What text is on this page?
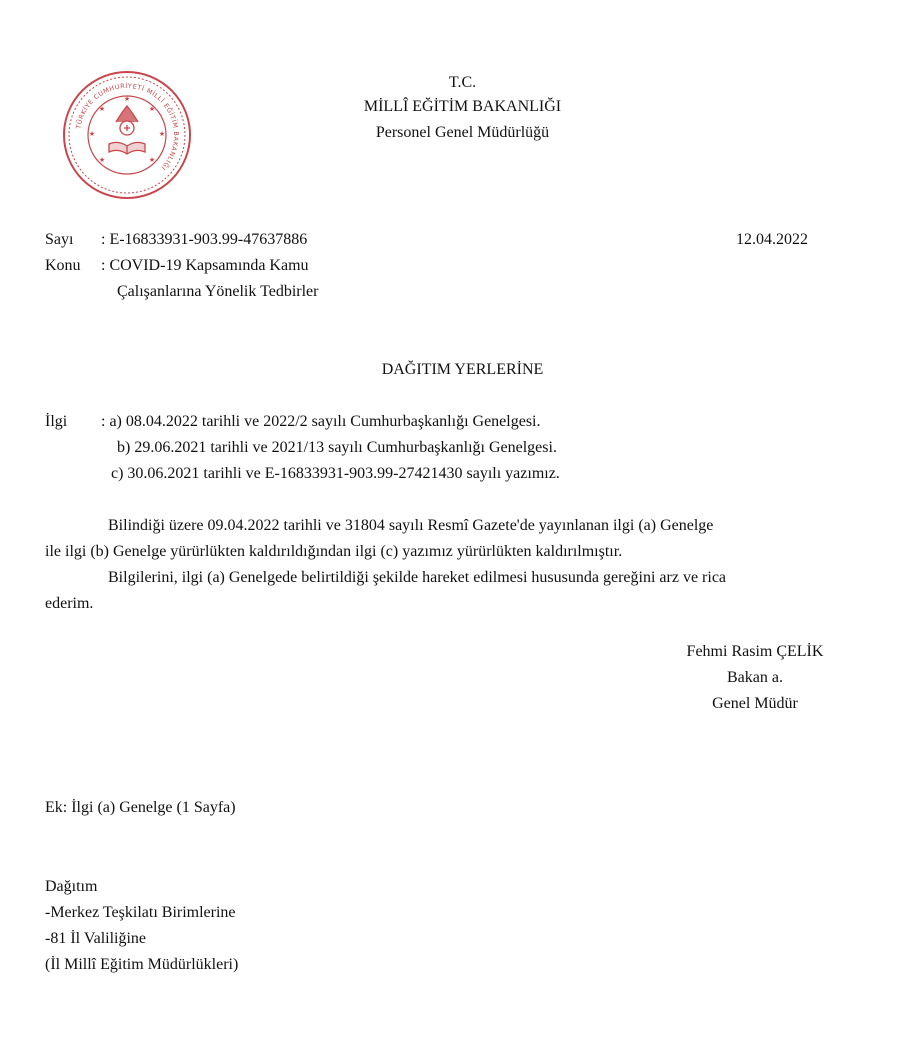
TÜRKİYE CUMHURİYETİ MİLLÎ EĞİTİM BAKANLIĞI
★
★
★
★
★
★
★
T.C.
MİLLÎ EĞİTİM BAKANLIĞI
Personel Genel Müdürlüğü
Sayı : E-16833931-903.99-47637886	12.04.2022
Konu : COVID-19 Kapsamında Kamu
Çalışanlarına Yönelik Tedbirler
DAĞITIM YERLERİNE
İlgi : a) 08.04.2022 tarihli ve 2022/2 sayılı Cumhurbaşkanlığı Genelgesi.
b) 29.06.2021 tarihli ve 2021/13 sayılı Cumhurbaşkanlığı Genelgesi.
c) 30.06.2021 tarihli ve E-16833931-903.99-27421430 sayılı yazımız.
Bilindiği üzere 09.04.2022 tarihli ve 31804 sayılı Resmî Gazete'de yayınlanan ilgi (a) Genelge
ile ilgi (b) Genelge yürürlükten kaldırıldığından ilgi (c) yazımız yürürlükten kaldırılmıştır.
Bilgilerini, ilgi (a) Genelgede belirtildiği şekilde hareket edilmesi hususunda gereğini arz ve rica
ederim.
Fehmi Rasim ÇELİK
Bakan a.
Genel Müdür
Ek: İlgi (a) Genelge (1 Sayfa)
Dağıtım
-Merkez Teşkilatı Birimlerine
-81 İl Valiliğine
(İl Millî Eğitim Müdürlükleri)
